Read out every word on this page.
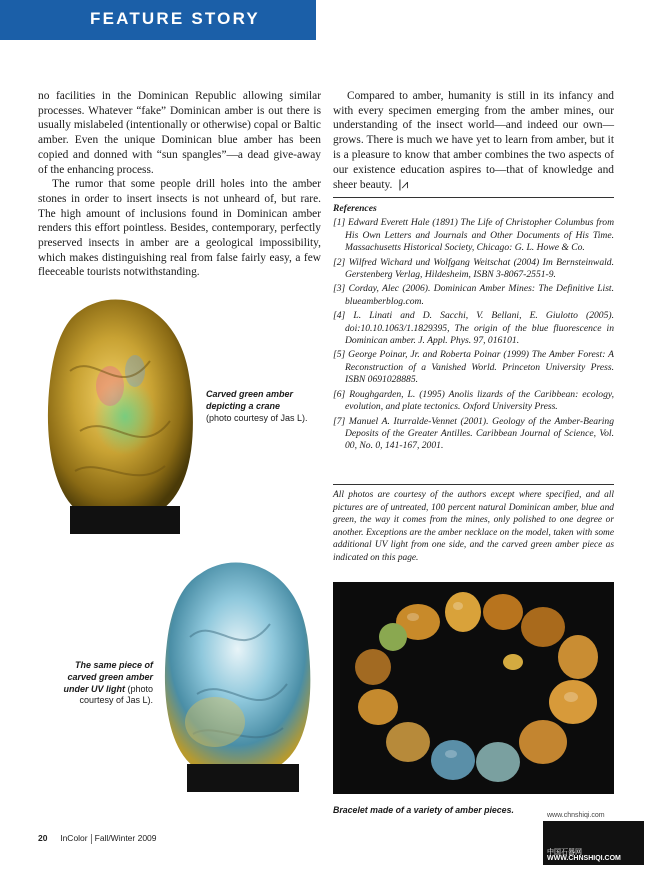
FEATURE STORY

no facilities in the Dominican Republic allowing similar processes. Whatever “fake” Dominican amber is out there is usually mislabeled (intentionally or otherwise) copal or Baltic amber. Even the unique Dominican blue amber has been copied and donned with “sun spangles”—a dead give-away of the enhancing process.

The rumor that some people drill holes into the amber stones in order to insert insects is not unheard of, but rare. The high amount of inclusions found in Dominican amber renders this effort pointless. Besides, contemporary, perfectly preserved insects in amber are a geological impossibility, which makes distinguishing real from false fairly easy, a few fleeceable tourists notwithstanding.

Compared to amber, humanity is still in its infancy and with every specimen emerging from the amber mines, our understanding of the insect world—and indeed our own—grows. There is much we have yet to learn from amber, but it is a pleasure to know that amber combines the two aspects of our existence education aspires to—that of knowledge and sheer beauty. |⩘

References
[1] Edward Everett Hale (1891) The Life of Christopher Columbus from His Own Letters and Journals and Other Documents of His Time. Massachusetts Historical Society, Chicago: G. L. Howe & Co.
[2] Wilfred Wichard und Wolfgang Weitschat (2004) Im Bernsteinwald. Gerstenberg Verlag, Hildesheim, ISBN 3-8067-2551-9.
[3] Corday, Alec (2006). Dominican Amber Mines: The Definitive List. blueamberblog.com.
[4] L. Linati and D. Sacchi, V. Bellani, E. Giulotto (2005). doi:10.10.1063/1.1829395, The origin of the blue fluorescence in Dominican amber. J. Appl. Phys. 97, 016101.
[5] George Poinar, Jr. and Roberta Poinar (1999) The Amber Forest: A Reconstruction of a Vanished World. Princeton University Press. ISBN 0691028885.
[6] Roughgarden, L. (1995) Anolis lizards of the Caribbean: ecology, evolution, and plate tectonics. Oxford University Press.
[7] Manuel A. Iturralde-Vennet (2001). Geology of the Amber-Bearing Deposits of the Greater Antilles. Caribbean Journal of Science, Vol. 00, No. 0, 141-167, 2001.
All photos are courtesy of the authors except where specified, and all pictures are of untreated, 100 percent natural Dominican amber, blue and green, the way it comes from the mines, only polished to one degree or another. Exceptions are the amber necklace on the model, taken with some additional UV light from one side, and the carved green amber piece as indicated on this page.
Carved green amber depicting a crane
(photo courtesy of Jas L).
The same piece of carved green amber under UV light (photo courtesy of Jas L).
Bracelet made of a variety of amber pieces.
20 InColor Fall/Winter 2009
www.chnshiqi.com
中国石器网
WWW.CHNSHIQI.COM
